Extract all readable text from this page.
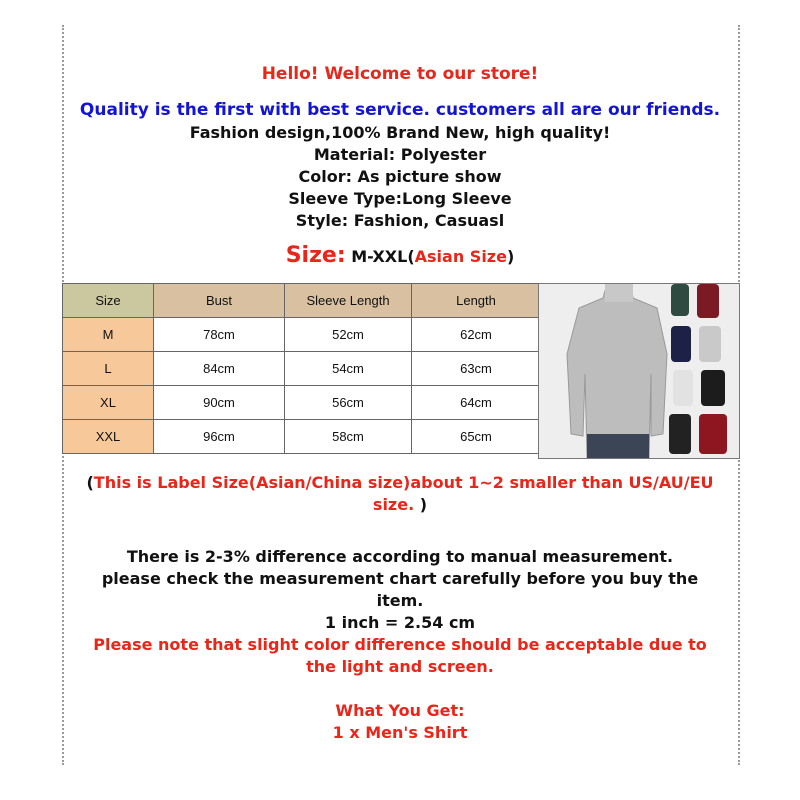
Hello! Welcome to our store!
Quality is the first with best service. customers all are our friends.
Fashion design,100% Brand New, high quality!
Material: Polyester
Color: As picture show
Sleeve Type:Long Sleeve
Style: Fashion, Casuasl
Size: M-XXL(Asian Size)
Size	Bust	Sleeve Length	Length
M	78cm	52cm	62cm
L	84cm	54cm	63cm
XL	90cm	56cm	64cm
XXL	96cm	58cm	65cm
(This is Label Size(Asian/China size)about 1~2 smaller than US/AU/EU
size. )
There is 2-3% difference according to manual measurement.
please check the measurement chart carefully before you buy the
item.
1 inch = 2.54 cm
Please note that slight color difference should be acceptable due to
the light and screen.
What You Get:
1 x Men's Shirt
